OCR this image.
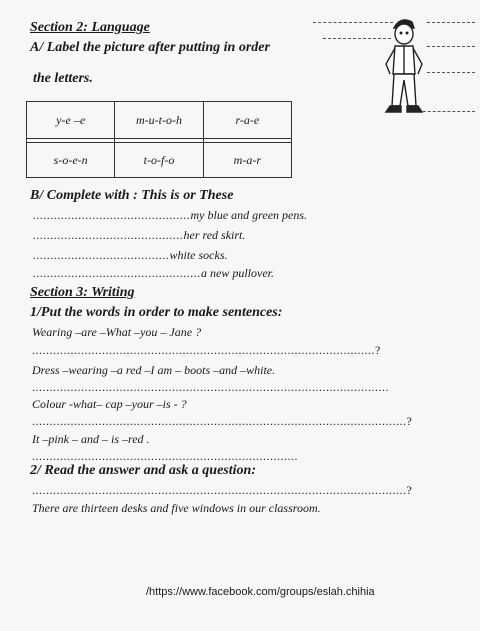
Section 2: Language
A/ Label the picture after putting in order
the letters.
y-e –e	m-u-t-o-h	r-a-e

s-o-e-n	t-o-f-o	m-a-r
B/ Complete with : This is or These
.............................................my blue and green pens.
...........................................her red skirt.
.......................................white socks.
................................................a new pullover.
Section 3: Writing
1/Put the words in order to make sentences:
Wearing –are –What –you – Jane ?
..................................................................................................?
Dress –wearing –a red –I am – boots –and –white.
......................................................................................................
Colour -what– cap –your –is - ?
...........................................................................................................?
It –pink – and – is –red .
............................................................................
2/ Read the answer and ask a question:
...........................................................................................................?
There are thirteen desks and five windows in our classroom.
/https://www.facebook.com/groups/eslah.chihia
